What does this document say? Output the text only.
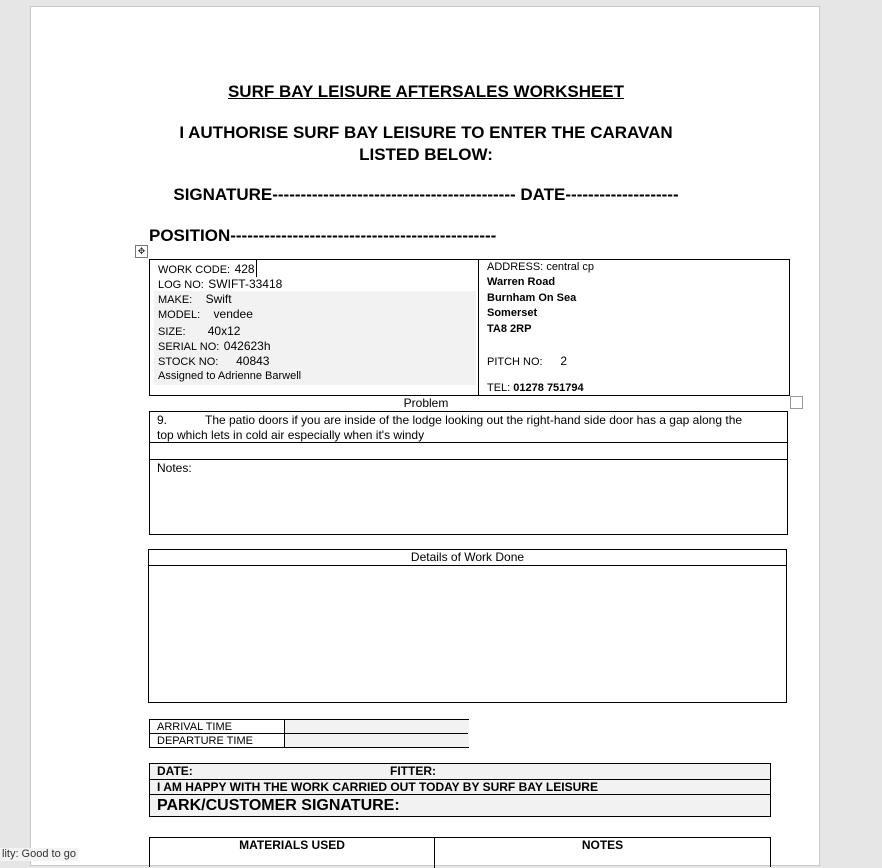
SURF BAY LEISURE AFTERSALES WORKSHEET
I AUTHORISE SURF BAY LEISURE TO ENTER THE CARAVAN LISTED BELOW:
SIGNATURE------------------------------------------- DATE--------------------
POSITION-----------------------------------------------
✥
WORK CODE: 428
LOG NO: SWIFT-33418
MAKE: Swift
MODEL: vendee
SIZE: 40x12
SERIAL NO: 042623h
STOCK NO: 40843
Assigned to Adrienne Barwell
ADDRESS: central cp
Warren Road
Burnham On Sea
Somerset
TA8 2RP
PITCH NO: 2
TEL: 01278 751794
Problem
9.	The patio doors if you are inside of the lodge looking out the right-hand side door has a gap along the
top which lets in cold air especially when it's windy
Notes:
Details of Work Done
ARRIVAL TIME
DEPARTURE TIME
DATE:	FITTER:
I AM HAPPY WITH THE WORK CARRIED OUT TODAY BY SURF BAY LEISURE
PARK/CUSTOMER SIGNATURE:
MATERIALS USED	NOTES
lity: Good to go
